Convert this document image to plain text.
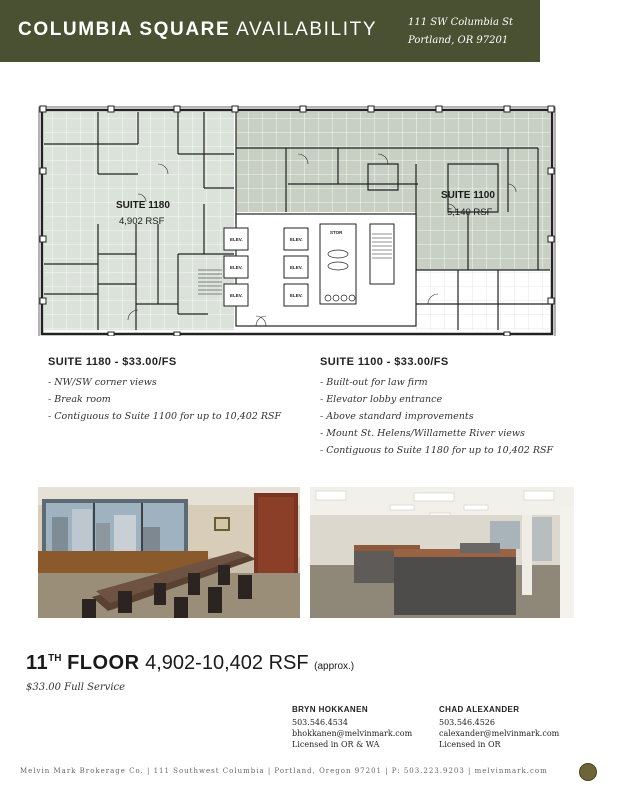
COLUMBIA SQUARE AVAILABILITY	111 SW Columbia St
Portland, OR 97201
ELEV.
ELEV.
ELEV.
ELEV.
ELEV.
ELEV.
STOR
SUITE 1180
4,902 RSF
SUITE 1100
5,140 RSF
SUITE 1180 - $33.00/FS
- NW/SW corner views
- Break room
- Contiguous to Suite 1100 for up to 10,402 RSF
SUITE 1100 - $33.00/FS
- Built-out for law firm
- Elevator lobby entrance
- Above standard improvements
- Mount St. Helens/Willamette River views
- Contiguous to Suite 1180 for up to 10,402 RSF
11TH FLOOR 4,902-10,402 RSF (approx.)
$33.00 Full Service
BRYN HOKKANEN
503.546.4534
bhokkanen@melvinmark.com
Licensed in OR & WA
CHAD ALEXANDER
503.546.4526
calexander@melvinmark.com
Licensed in OR
Melvin Mark Brokerage Co. | 111 Southwest Columbia | Portland, Oregon 97201 | P: 503.223.9203 | melvinmark.com
